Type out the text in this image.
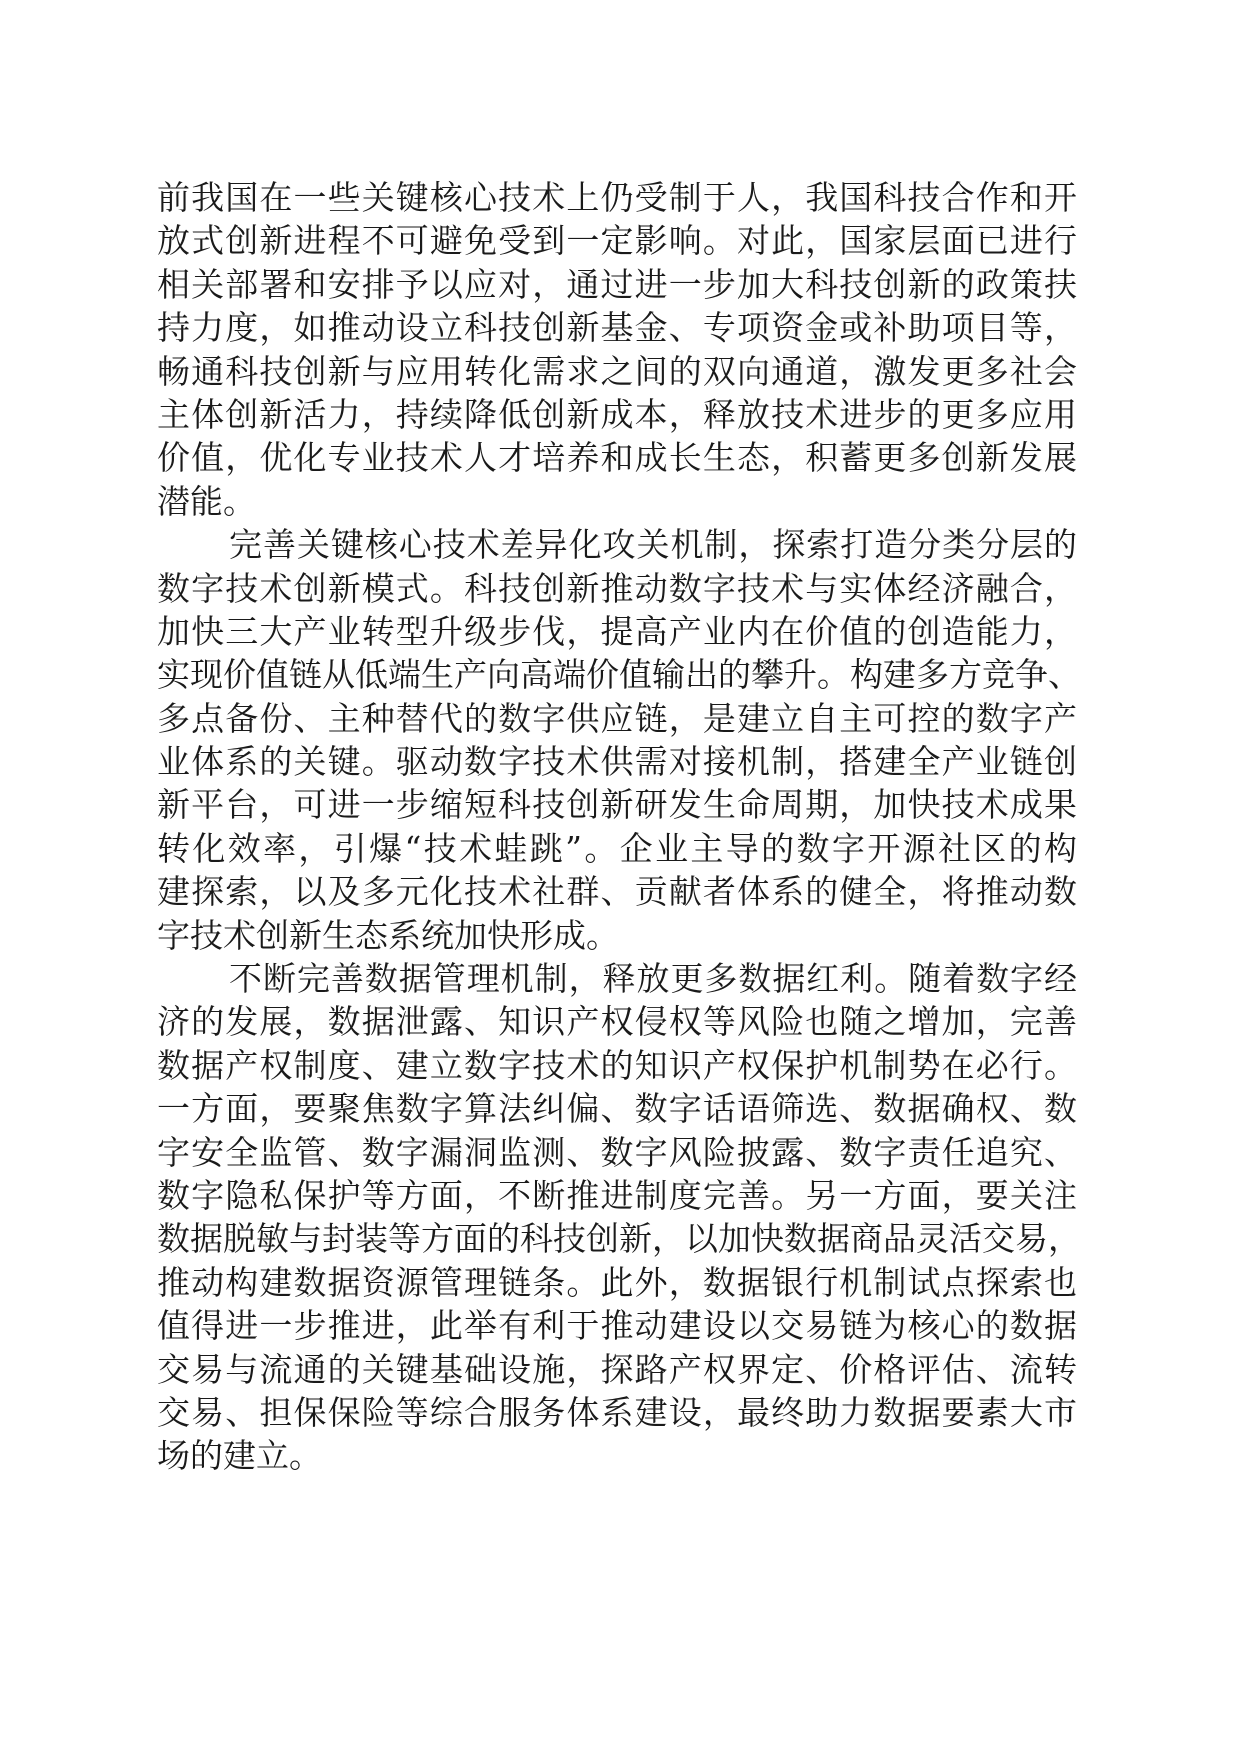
前我国在一些关键核心技术上仍受制于人，我国科技合作和开
放式创新进程不可避免受到一定影响。对此，国家层面已进行
相关部署和安排予以应对，通过进一步加大科技创新的政策扶
持力度，如推动设立科技创新基金、专项资金或补助项目等，
畅通科技创新与应用转化需求之间的双向通道，激发更多社会
主体创新活力，持续降低创新成本，释放技术进步的更多应用
价值，优化专业技术人才培养和成长生态，积蓄更多创新发展
潜能。
完善关键核心技术差异化攻关机制，探索打造分类分层的
数字技术创新模式。科技创新推动数字技术与实体经济融合，
加快三大产业转型升级步伐，提高产业内在价值的创造能力，
实现价值链从低端生产向高端价值输出的攀升。构建多方竞争、
多点备份、主种替代的数字供应链，是建立自主可控的数字产
业体系的关键。驱动数字技术供需对接机制，搭建全产业链创
新平台，可进一步缩短科技创新研发生命周期，加快技术成果
转化效率，引爆“技术蛙跳”。企业主导的数字开源社区的构
建探索，以及多元化技术社群、贡献者体系的健全，将推动数
字技术创新生态系统加快形成。
不断完善数据管理机制，释放更多数据红利。随着数字经
济的发展，数据泄露、知识产权侵权等风险也随之增加，完善
数据产权制度、建立数字技术的知识产权保护机制势在必行。
一方面，要聚焦数字算法纠偏、数字话语筛选、数据确权、数
字安全监管、数字漏洞监测、数字风险披露、数字责任追究、
数字隐私保护等方面，不断推进制度完善。另一方面，要关注
数据脱敏与封装等方面的科技创新，以加快数据商品灵活交易，
推动构建数据资源管理链条。此外，数据银行机制试点探索也
值得进一步推进，此举有利于推动建设以交易链为核心的数据
交易与流通的关键基础设施，探路产权界定、价格评估、流转
交易、担保保险等综合服务体系建设，最终助力数据要素大市
场的建立。
